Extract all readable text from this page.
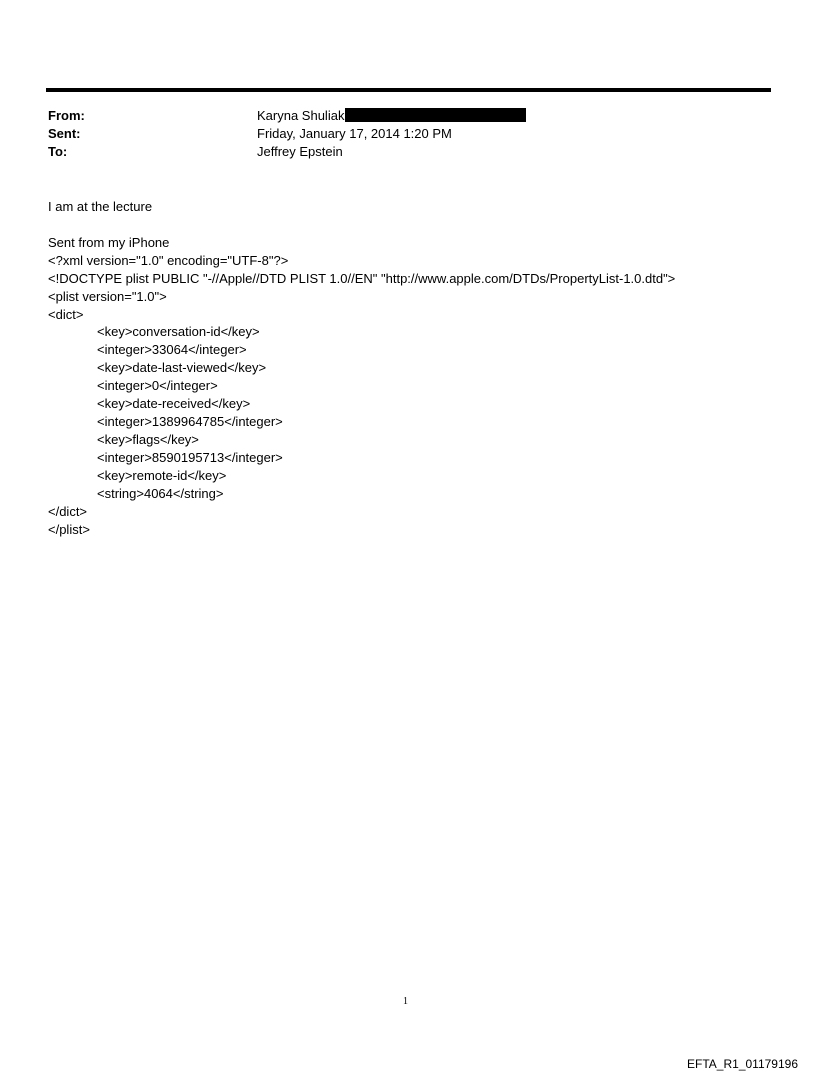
From:	Karyna Shuliak
Sent:	Friday, January 17, 2014 1:20 PM
To:	Jeffrey Epstein
I am at the lecture
Sent from my iPhone
<?xml version="1.0" encoding="UTF-8"?>
<!DOCTYPE plist PUBLIC "-//Apple//DTD PLIST 1.0//EN" "http://www.apple.com/DTDs/PropertyList-1.0.dtd">
<plist version="1.0">
<dict>
<key>conversation-id</key>
<integer>33064</integer>
<key>date-last-viewed</key>
<integer>0</integer>
<key>date-received</key>
<integer>1389964785</integer>
<key>flags</key>
<integer>8590195713</integer>
<key>remote-id</key>
<string>4064</string>
</dict>
</plist>
1
EFTA_R1_01179196
